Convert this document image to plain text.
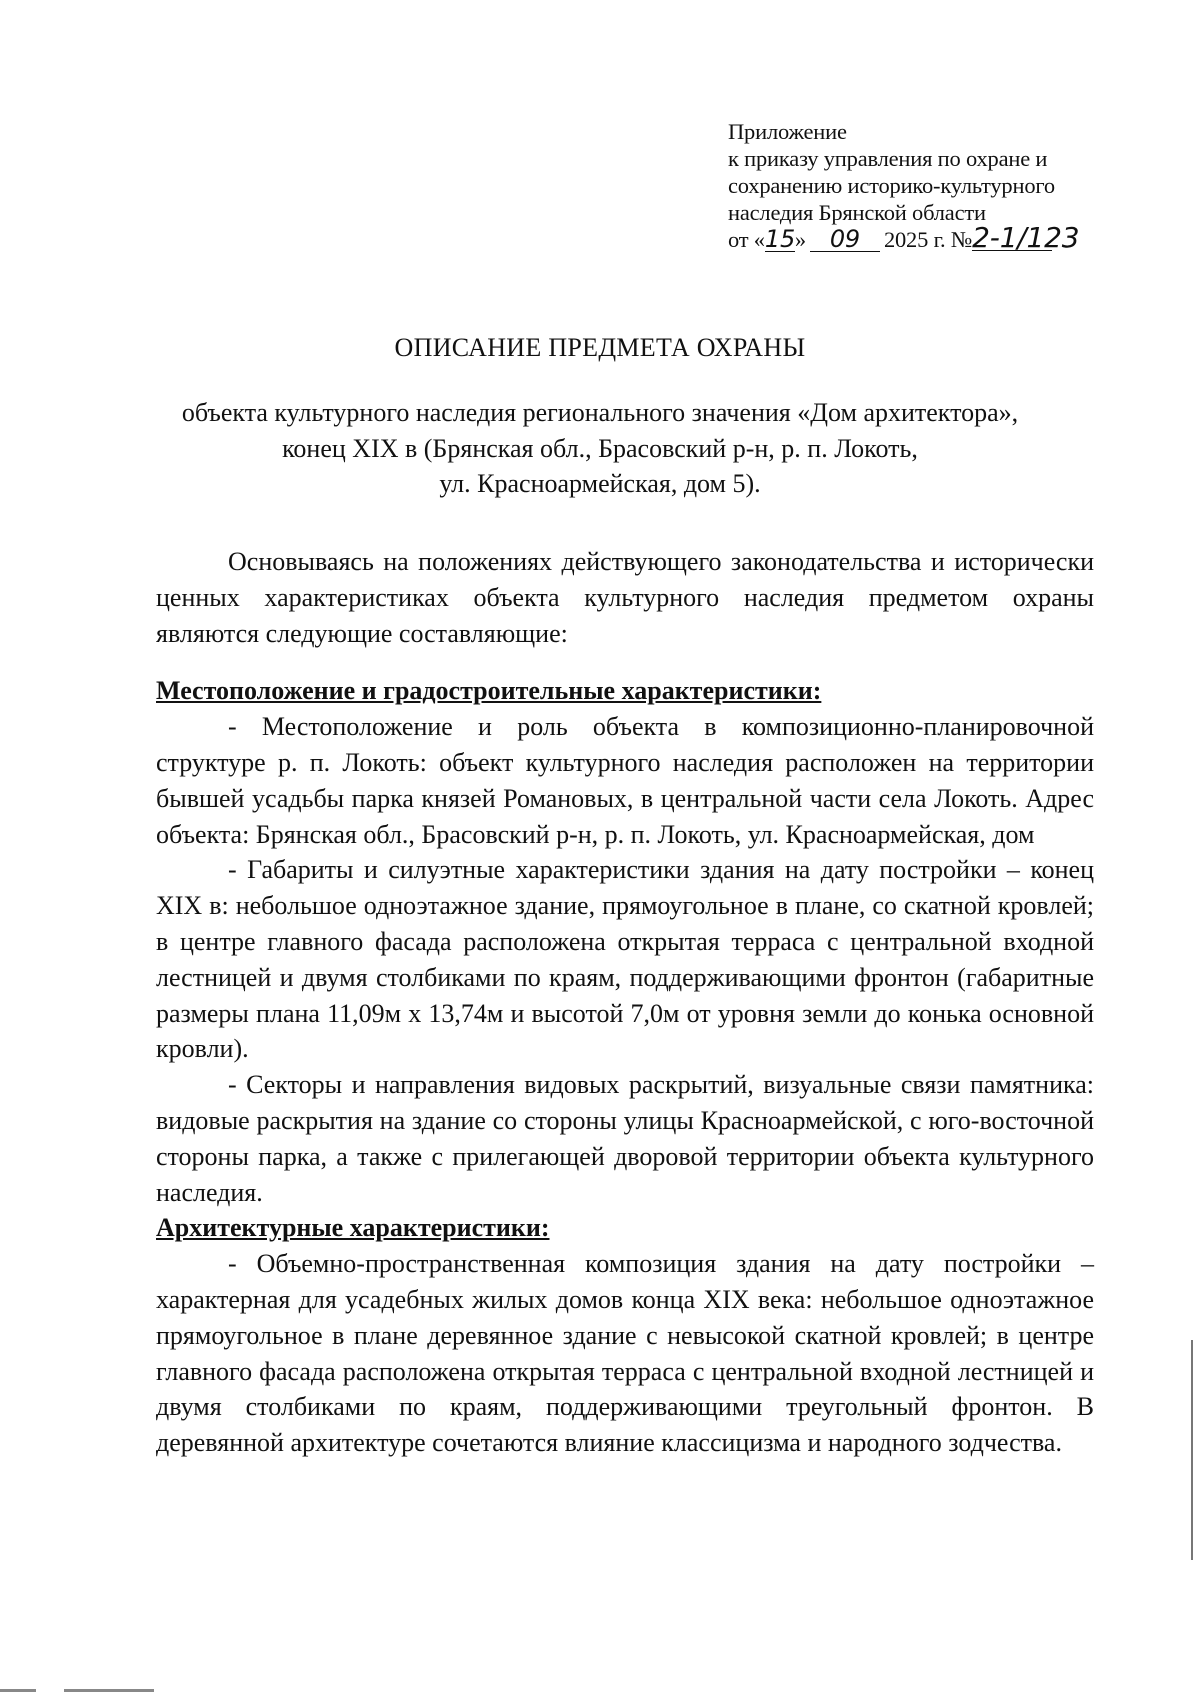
Приложение
к приказу управления по охране и
сохранению историко-культурного
наследия Брянской области
от «15» 09 2025 г. №2-1/123
ОПИСАНИЕ ПРЕДМЕТА ОХРАНЫ
объекта культурного наследия регионального значения «Дом архитектора»,
конец XIX в (Брянская обл., Брасовский р-н, р. п. Локоть,
ул. Красноармейская, дом 5).

Основываясь на положениях действующего законодательства и исторически ценных характеристиках объекта культурного наследия предметом охраны являются следующие составляющие:

Местоположение и градостроительные характеристики:

- Местоположение и роль объекта в композиционно-планировочной структуре р. п. Локоть: объект культурного наследия расположен на территории бывшей усадьбы парка князей Романовых, в центральной части села Локоть. Адрес объекта: Брянская обл., Брасовский р-н, р. п. Локоть, ул. Красноармейская, дом

- Габариты и силуэтные характеристики здания на дату постройки – конец XIX в: небольшое одноэтажное здание, прямоугольное в плане, со скатной кровлей; в центре главного фасада расположена открытая терраса с центральной входной лестницей и двумя столбиками по краям, поддерживающими фронтон (габаритные размеры плана 11,09м х 13,74м и высотой 7,0м от уровня земли до конька основной кровли).

- Секторы и направления видовых раскрытий, визуальные связи памятника: видовые раскрытия на здание со стороны улицы Красноармейской, с юго-восточной стороны парка, а также с прилегающей дворовой территории объекта культурного наследия.

Архитектурные характеристики:

- Объемно-пространственная композиция здания на дату постройки – характерная для усадебных жилых домов конца XIX века: небольшое одноэтажное прямоугольное в плане деревянное здание с невысокой скатной кровлей; в центре главного фасада расположена открытая терраса с центральной входной лестницей и двумя столбиками по краям, поддерживающими треугольный фронтон. В деревянной архитектуре сочетаются влияние классицизма и народного зодчества.
